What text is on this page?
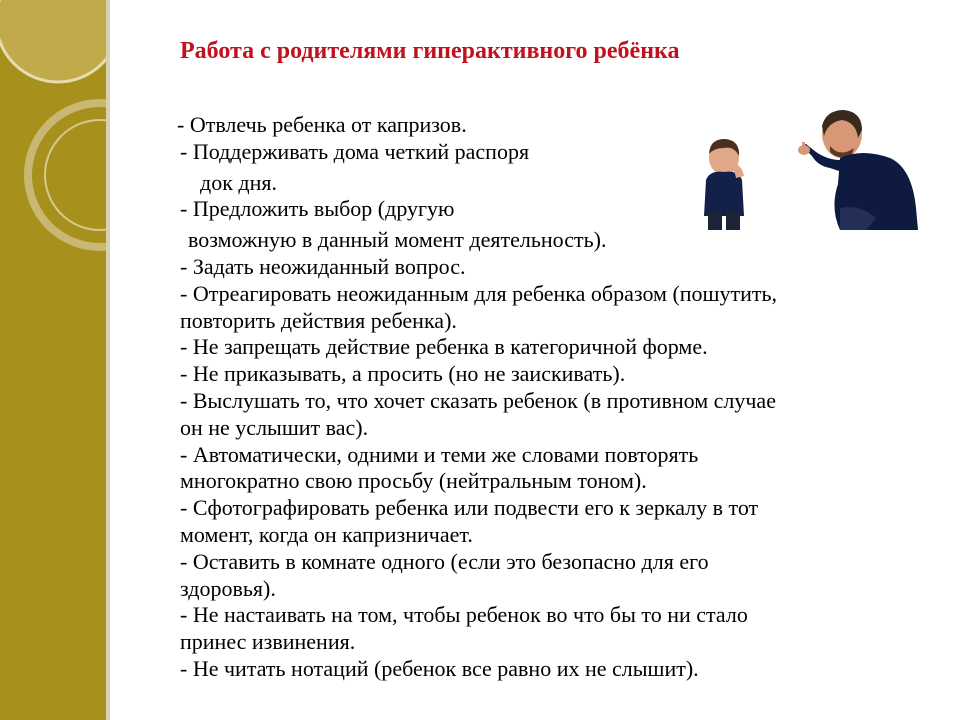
Работа с родителями гиперактивного ребёнка
- Отвлечь ребенка от капризов.
- Поддерживать дома четкий распоря
док дня.
- Предложить выбор (другую
возможную в данный момент деятельность).
- Задать неожиданный вопрос.
- Отреагировать неожиданным для ребенка образом (пошутить,
повторить действия ребенка).
- Не запрещать действие ребенка в категоричной форме.
- Не приказывать, а просить (но не заискивать).
- Выслушать то, что хочет сказать ребенок (в противном случае
он не услышит вас).
- Автоматически, одними и теми же словами повторять
многократно свою просьбу (нейтральным тоном).
- Сфотографировать ребенка или подвести его к зеркалу в тот
момент, когда он капризничает.
- Оставить в комнате одного (если это безопасно для его
здоровья).
- Не настаивать на том, чтобы ребенок во что бы то ни стало
принес извинения.
- Не читать нотаций (ребенок все равно их не слышит).
